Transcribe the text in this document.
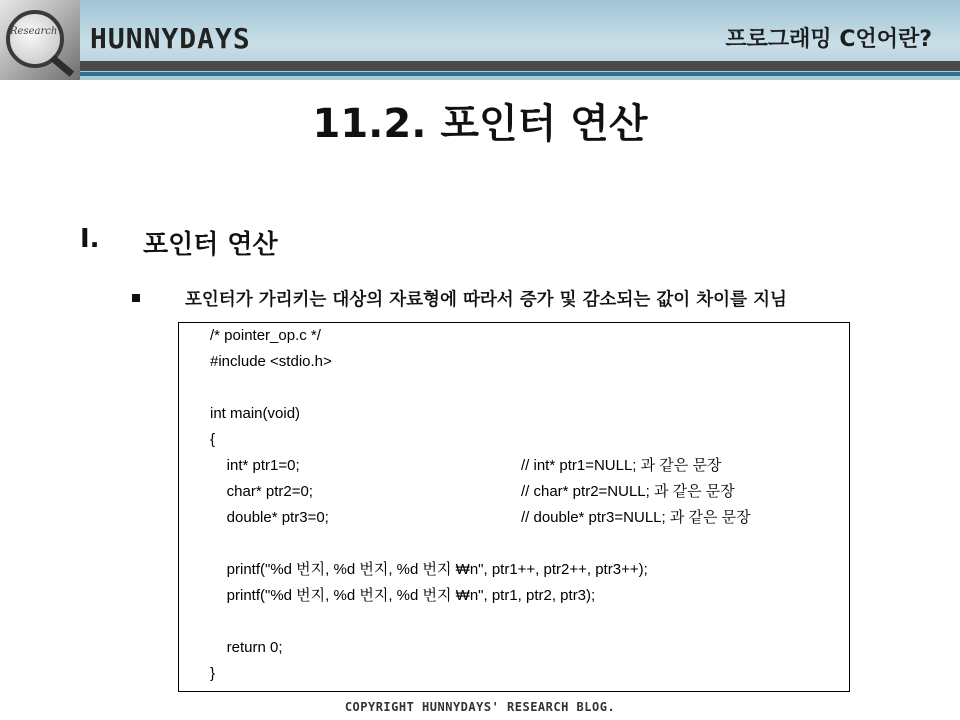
Research HUNNYDAYS	프로그래밍 C언어란?
11.2. 포인터 연산
I. 포인터 연산
포인터가 가리키는 대상의 자료형에 따라서 증가 및 감소되는 값이 차이를 지님
/* pointer_op.c */
#include <stdio.h>
int main(void)
{
int* ptr1=0;
char* ptr2=0;
double* ptr3=0;
printf("%d 번지, %d 번지, %d 번지 ₩n", ptr1++, ptr2++, ptr3++);
printf("%d 번지, %d 번지, %d 번지 ₩n", ptr1, ptr2, ptr3);
return 0;
}
// int* ptr1=NULL; 과 같은 문장
// char* ptr2=NULL; 과 같은 문장
// double* ptr3=NULL; 과 같은 문장
COPYRIGHT HUNNYDAYS' RESEARCH BLOG.
